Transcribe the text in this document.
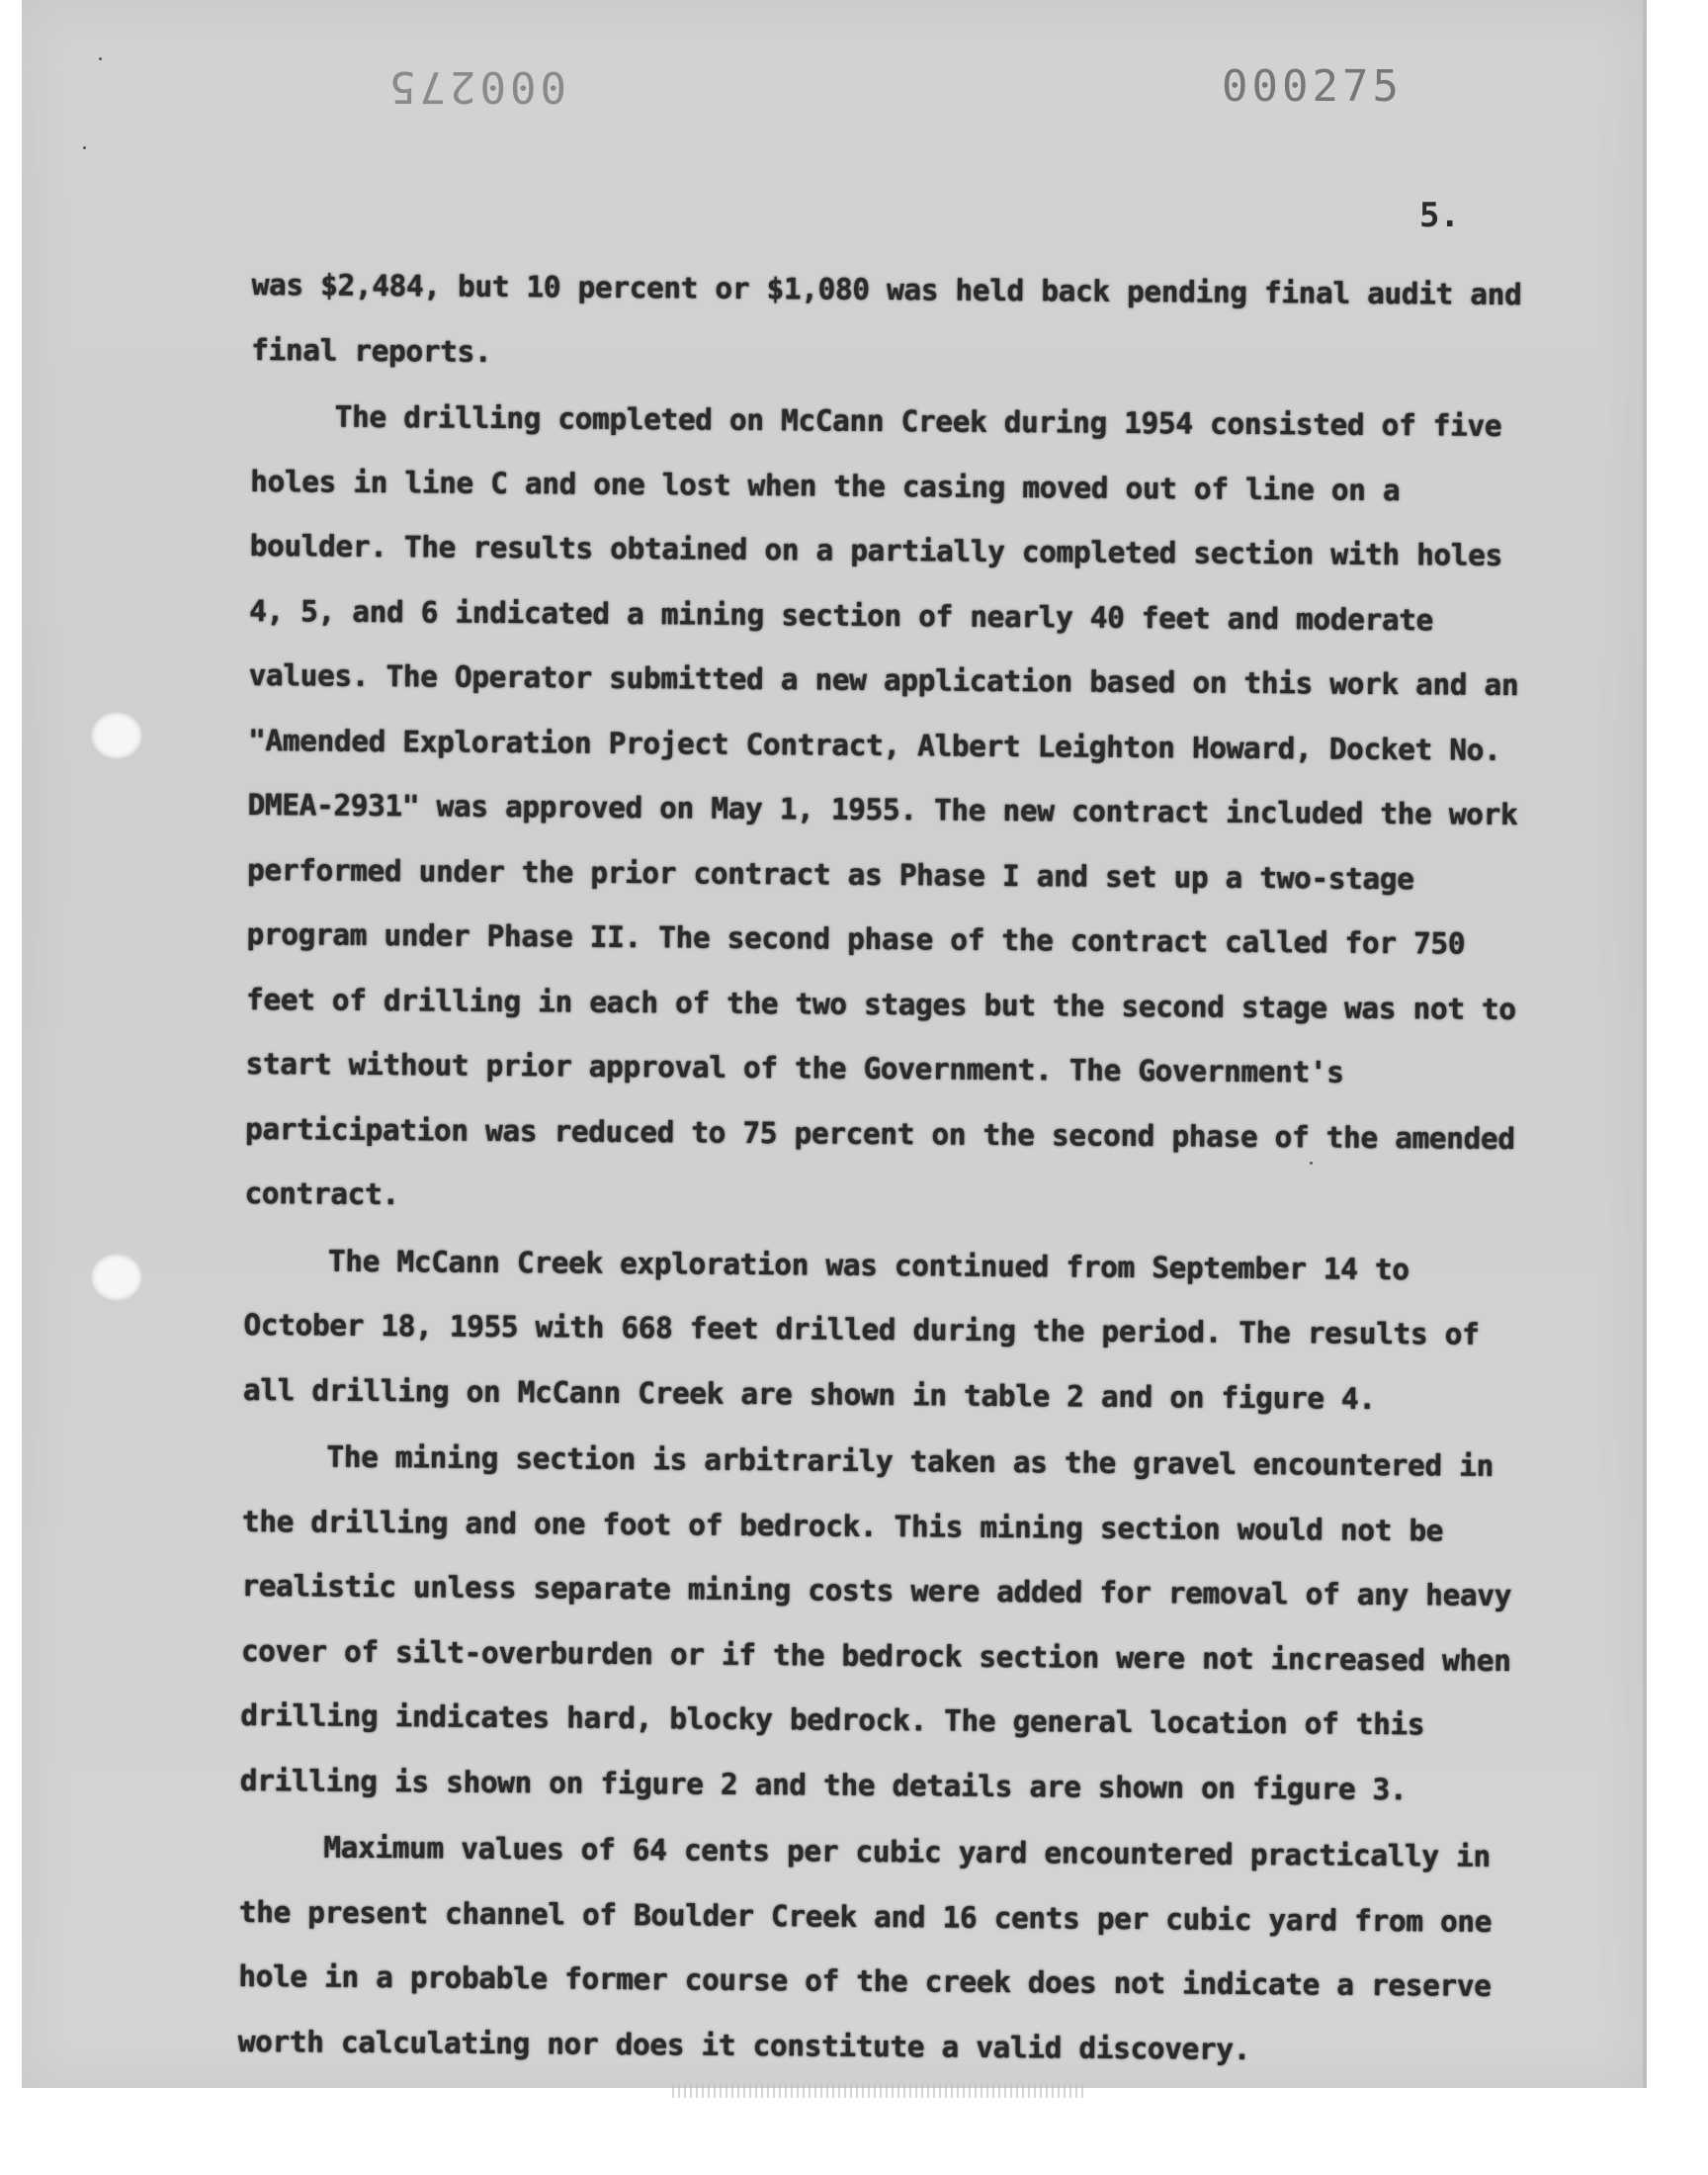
000275	000275
5.

was $2,484, but 10 percent or $1,080 was held back pending final audit and final reports.

The drilling completed on McCann Creek during 1954 consisted of five holes in line C and one lost when the casing moved out of line on a boulder. The results obtained on a partially completed section with holes 4, 5, and 6 indicated a mining section of nearly 40 feet and moderate values. The Operator submitted a new application based on this work and an "Amended Exploration Project Contract, Albert Leighton Howard, Docket No. DMEA-2931" was approved on May 1, 1955. The new contract included the work performed under the prior contract as Phase I and set up a two-stage program under Phase II. The second phase of the contract called for 750 feet of drilling in each of the two stages but the second stage was not to start without prior approval of the Government. The Government's participation was reduced to 75 percent on the second phase of the amended contract.

The McCann Creek exploration was continued from September 14 to October 18, 1955 with 668 feet drilled during the period. The results of all drilling on McCann Creek are shown in table 2 and on figure 4.

The mining section is arbitrarily taken as the gravel encountered in the drilling and one foot of bedrock. This mining section would not be realistic unless separate mining costs were added for removal of any heavy cover of silt-overburden or if the bedrock section were not increased when drilling indicates hard, blocky bedrock. The general location of this drilling is shown on figure 2 and the details are shown on figure 3.

Maximum values of 64 cents per cubic yard encountered practically in the present channel of Boulder Creek and 16 cents per cubic yard from one hole in a probable former course of the creek does not indicate a reserve worth calculating nor does it constitute a valid discovery.
